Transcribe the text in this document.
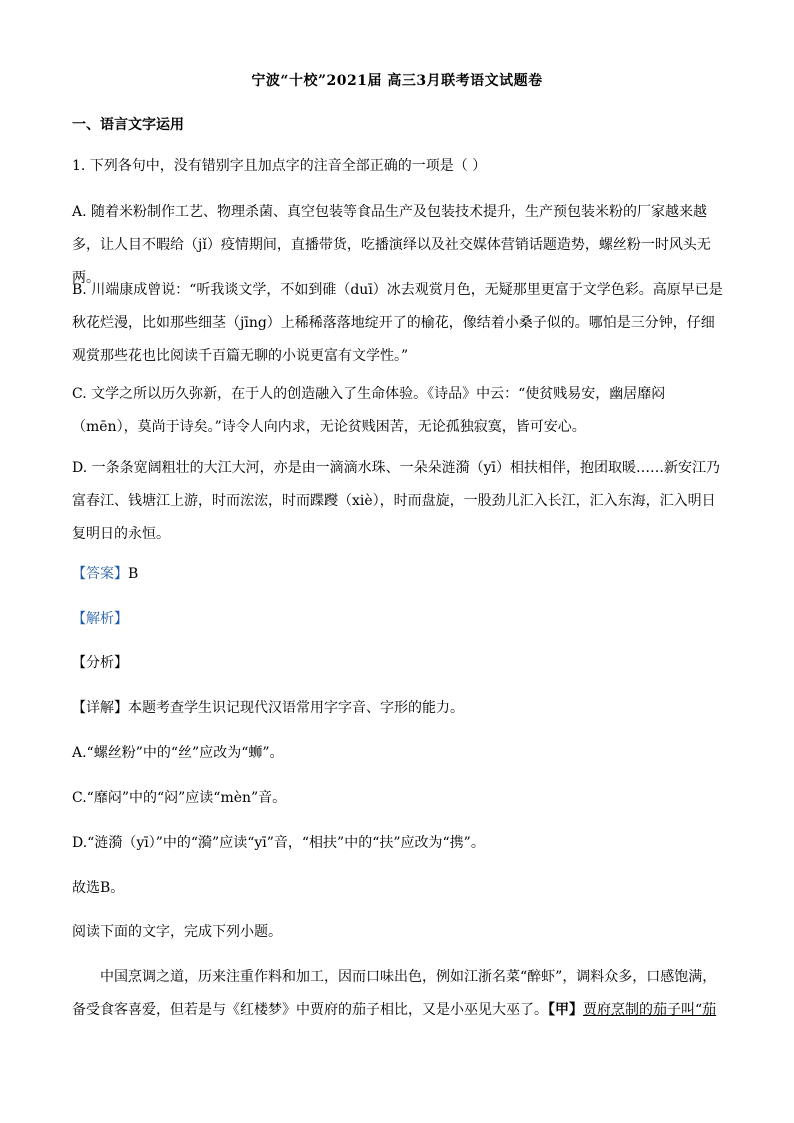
宁波“十校”2021届 高三3月联考语文试题卷
一、语言文字运用
1. 下列各句中，没有错别字且加点字的注音全部正确的一项是（ ）
A. 随着米粉制作工艺、物理杀菌、真空包装等食品生产及包装技术提升，生产预包装米粉的厂家越来越多，让人目不暇给（jǐ）疫情期间，直播带货，吃播演绎以及社交媒体营销话题造势，螺丝粉一时风头无两。
B. 川端康成曾说：“听我谈文学，不如到碓（duī）冰去观赏月色，无疑那里更富于文学色彩。高原早已是秋花烂漫，比如那些细茎（jīng）上稀稀落落地绽开了的榆花，像结着小桑子似的。哪怕是三分钟，仔细观赏那些花也比阅读千百篇无聊的小说更富有文学性。”
C. 文学之所以历久弥新，在于人的创造融入了生命体验。《诗品》中云：“使贫贱易安，幽居靡闷（mēn），莫尚于诗矣。”诗令人向内求，无论贫贱困苦，无论孤独寂寞，皆可安心。
D. 一条条宽阔粗壮的大江大河，亦是由一滴滴水珠、一朵朵涟漪（yī）相扶相伴，抱团取暖……新安江乃富春江、钱塘江上游，时而浤浤，时而蹀躞（xiè），时而盘旋，一股劲儿汇入长江，汇入东海，汇入明日复明日的永恒。
【答案】B
【解析】
【分析】
【详解】本题考查学生识记现代汉语常用字字音、字形的能力。
A.“螺丝粉”中的“丝”应改为“蛳”。
C.“靡闷”中的“闷”应读“mèn”音。
D.“涟漪（yī）”中的“漪”应读“yī”音，“相扶”中的“扶”应改为“携”。
故选B。
阅读下面的文字，完成下列小题。
中国烹调之道，历来注重作料和加工，因而口味出色，例如江浙名菜“醉虾”，调料众多，口感饱满，备受食客喜爱，但若是与《红楼梦》中贾府的茄子相比，又是小巫见大巫了。【甲】贾府烹制的茄子叫“茄
